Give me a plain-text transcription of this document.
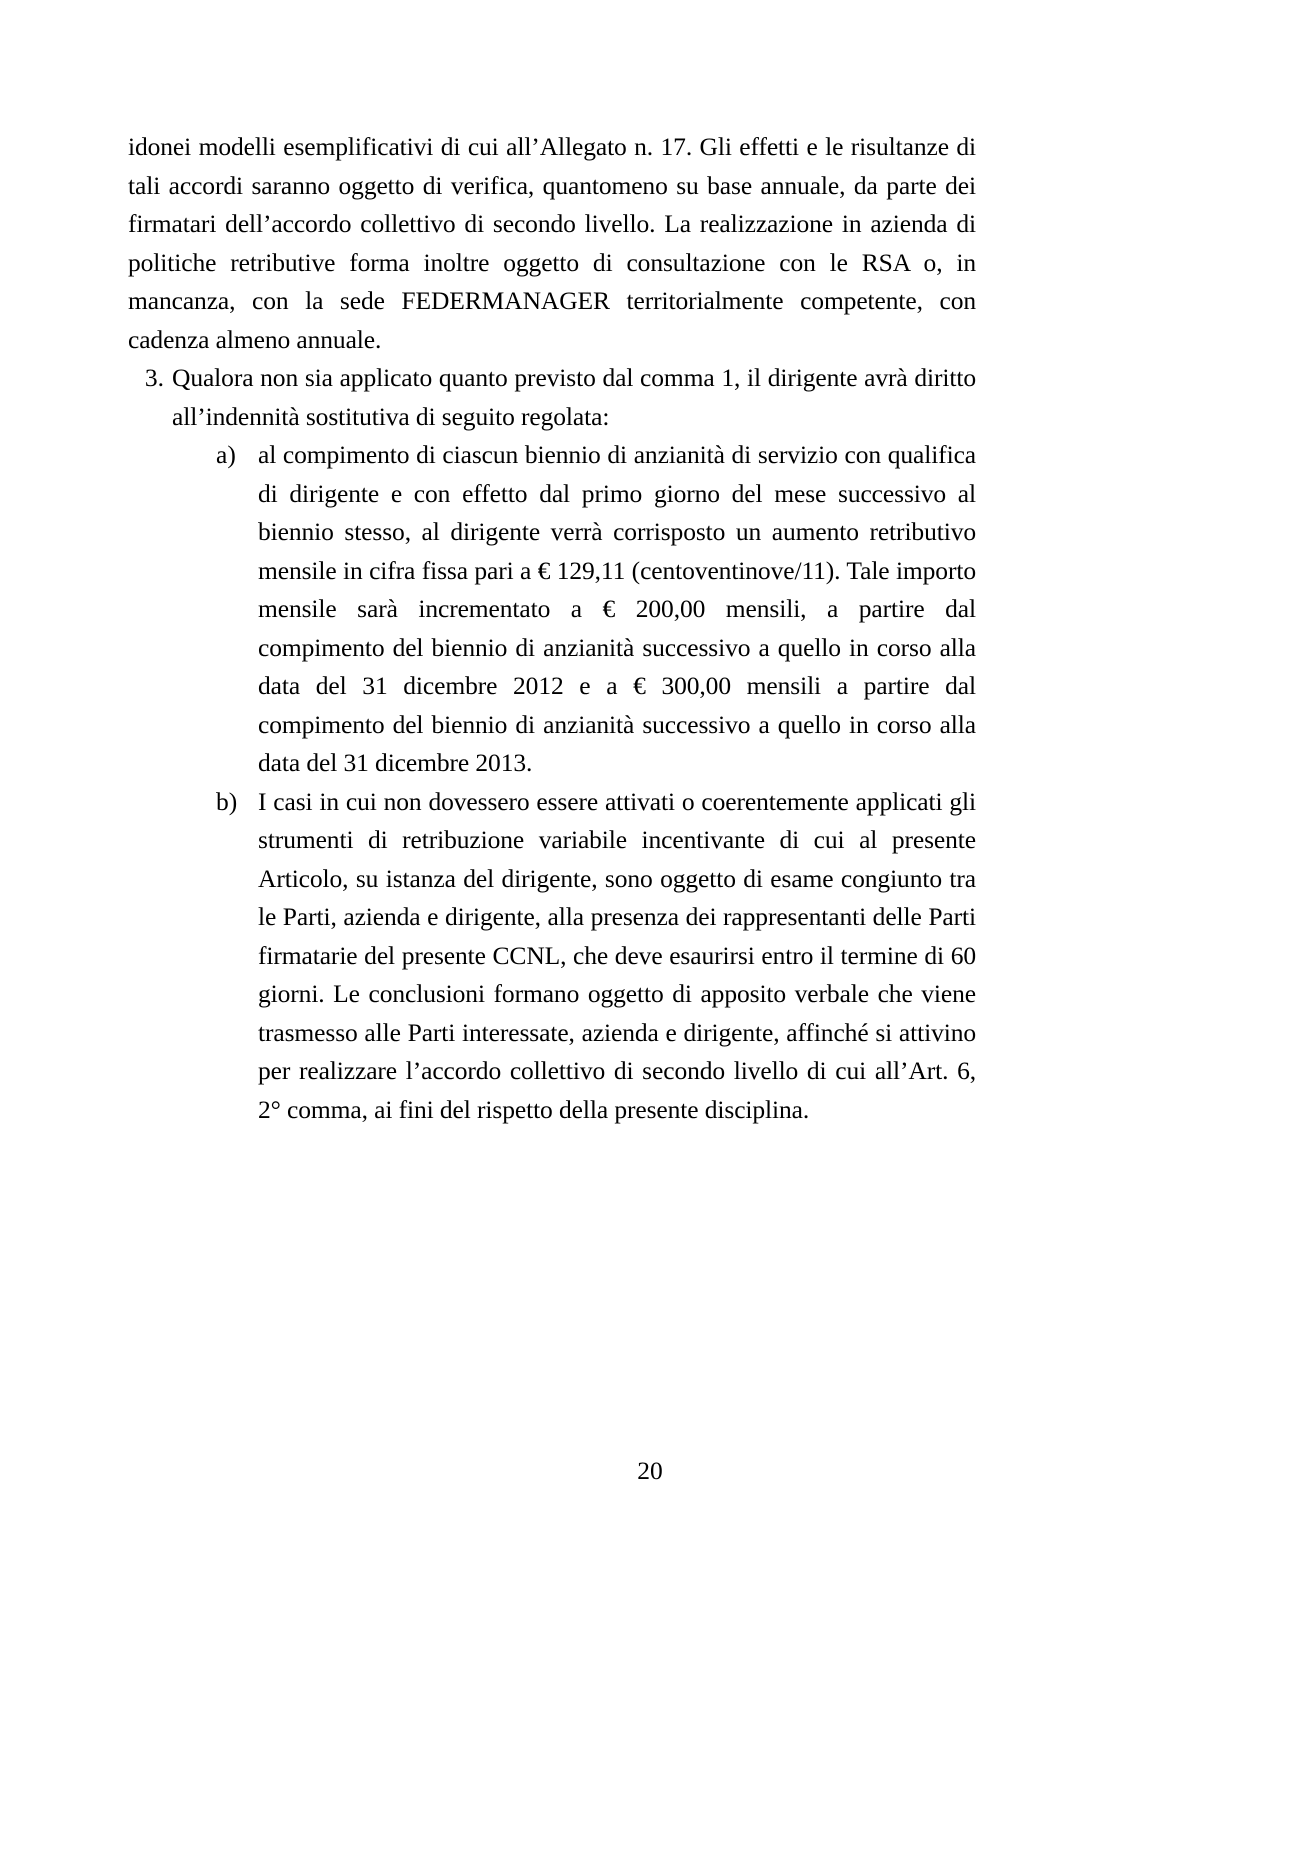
idonei modelli esemplificativi di cui all’Allegato n. 17. Gli effetti e le risultanze di tali accordi saranno oggetto di verifica, quantomeno su base annuale, da parte dei firmatari dell’accordo collettivo di secondo livello. La realizzazione in azienda di politiche retributive forma inoltre oggetto di consultazione con le RSA o, in mancanza, con la sede FEDERMANAGER territorialmente competente, con cadenza almeno annuale.
3. Qualora non sia applicato quanto previsto dal comma 1, il dirigente avrà diritto all’indennità sostitutiva di seguito regolata:
a) al compimento di ciascun biennio di anzianità di servizio con qualifica di dirigente e con effetto dal primo giorno del mese successivo al biennio stesso, al dirigente verrà corrisposto un aumento retributivo mensile in cifra fissa pari a € 129,11 (centoventinove/11). Tale importo mensile sarà incrementato a € 200,00 mensili, a partire dal compimento del biennio di anzianità successivo a quello in corso alla data del 31 dicembre 2012 e a € 300,00 mensili a partire dal compimento del biennio di anzianità successivo a quello in corso alla data del 31 dicembre 2013.
b) I casi in cui non dovessero essere attivati o coerentemente applicati gli strumenti di retribuzione variabile incentivante di cui al presente Articolo, su istanza del dirigente, sono oggetto di esame congiunto tra le Parti, azienda e dirigente, alla presenza dei rappresentanti delle Parti firmatarie del presente CCNL, che deve esaurirsi entro il termine di 60 giorni. Le conclusioni formano oggetto di apposito verbale che viene trasmesso alle Parti interessate, azienda e dirigente, affinché si attivino per realizzare l’accordo collettivo di secondo livello di cui all’Art. 6, 2° comma, ai fini del rispetto della presente disciplina.
20
